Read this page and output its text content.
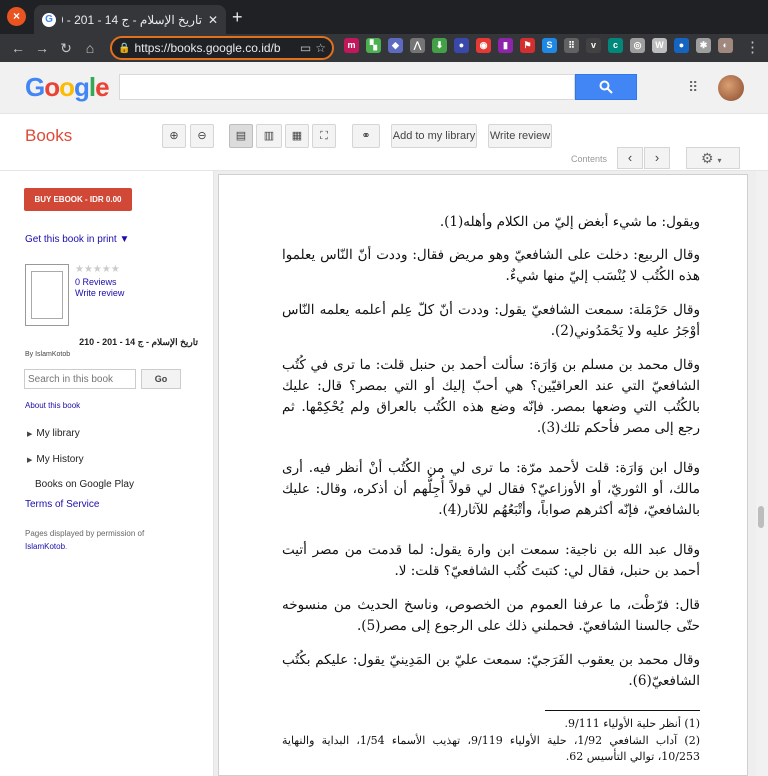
×	G	تاريخ الإسلام - ج 14 - 201 -	✕ +
← → ↻ ⌂	🔒 https://books.google.co.id/b	▭ ☆	m	▚	◆	⋀	⬇	●	◉	▮	⚑	S	⠿	v	c	◎	W	●	✱	◐	⋮
Google	⠿
Books	⊕	⊖	▤	▥	▦	⛶	⚭	Add to my library Write review
Contents	‹	›	⚙ ▾
BUY EBOOK - IDR 0.00
Get this book in print ▼
★★★★★
0 Reviews
Write review
تاريخ الإسلام - ج 14 - 201 - 210
By IslamKotob
Search in this book
Go
About this book
▶ My library
▶ My History
Books on Google Play
Terms of Service
Pages displayed by permission of
IslamKotob.
ويقول: ما شيء أبغض إليّ من الكلام وأهله(1).
وقال الربيع: دخلت على الشافعيّ وهو مريض فقال: وددت أنّ النّاس يعلموا هذه الكُتُب لا يُنْسَب إليّ منها شيءٌ.
وقال حَرْمَلة: سمعت الشافعيّ يقول: وددت أنّ كلّ عِلم أعلمه يعلمه النّاس أوْجَرُ عليه ولا يَحْمَدُوني(2).
وقال محمد بن مسلم بن وَارَة: سألت أحمد بن حنبل قلت: ما ترى في كُتُب الشافعيّ التي عند العراقيّين؟ هي أحبّ إليك أو التي بمصر؟ قال: عليك بالكُتُب التي وضعها بمصر. فإنّه وضع هذه الكُتُب بالعراق ولم يُحْكِمْها. ثم رجع إلى مصر فأحكم تلك(3).
وقال ابن وَارَة: قلت لأحمد مرّة: ما ترى لي من الكُتُب أنْ أنظر فيه. أرى مالك، أو الثوريّ، أو الأوزاعيّ؟ فقال لي قولاً أُجِلُّهم أن أذكره، وقال: عليك بالشافعيّ، فإنّه أكثرهم صواباً، وأتْبَعُهُم للآثار(4).
وقال عبد الله بن ناجية: سمعت ابن وارة يقول: لما قدمت من مصر أتيت أحمد بن حنبل، فقال لي: كتبتَ كُتُب الشافعيّ؟ قلت: لا.
قال: فرّطْت، ما عرفنا العموم من الخصوص، وناسخ الحديث من منسوخه حتّى جالسنا الشافعيّ. فحملني ذلك على الرجوع إلى مصر(5).
وقال محمد بن يعقوب الفَرَجيّ: سمعت عليّ بن المَدِينيّ يقول: عليكم بكُتُب الشافعيّ(6).
(1) أنظر حلية الأولياء 9/111.
(2) آداب الشافعي 1/92، حلية الأولياء 9/119، تهذيب الأسماء 1/54، البداية والنهاية 10/253، توالي التأسيس 62.
